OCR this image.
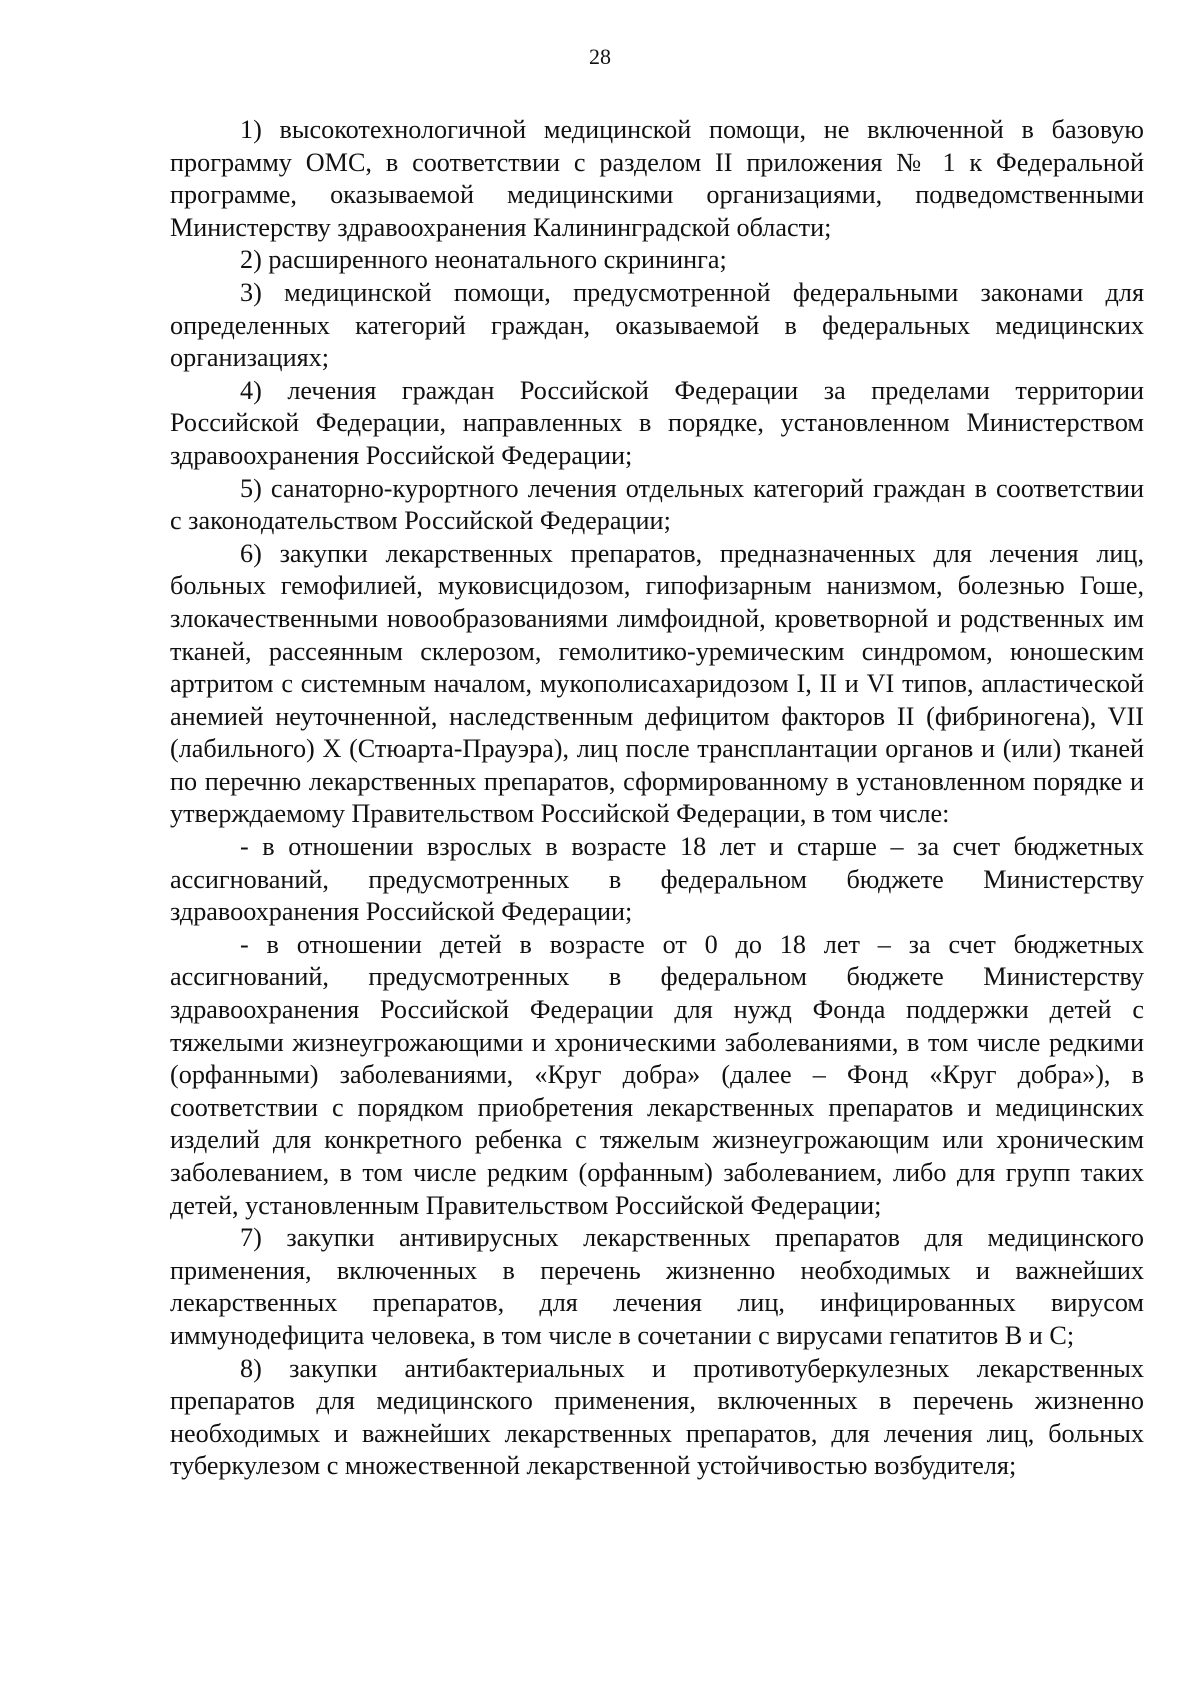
28

1) высокотехнологичной медицинской помощи, не включенной в базовую программу ОМС, в соответствии с разделом II приложения № 1 к Федеральной программе, оказываемой медицинскими организациями, подведомственными Министерству здравоохранения Калининградской области;

2) расширенного неонатального скрининга;

3) медицинской помощи, предусмотренной федеральными законами для определенных категорий граждан, оказываемой в федеральных медицинских организациях;

4) лечения граждан Российской Федерации за пределами территории Российской Федерации, направленных в порядке, установленном Министерством здравоохранения Российской Федерации;

5) санаторно-курортного лечения отдельных категорий граждан в соответствии с законодательством Российской Федерации;

6) закупки лекарственных препаратов, предназначенных для лечения лиц, больных гемофилией, муковисцидозом, гипофизарным нанизмом, болезнью Гоше, злокачественными новообразованиями лимфоидной, кроветворной и родственных им тканей, рассеянным склерозом, гемолитико-уремическим синдромом, юношеским артритом с системным началом, мукополисахаридозом I, II и VI типов, апластической анемией неуточненной, наследственным дефицитом факторов II (фибриногена), VII (лабильного) X (Стюарта-Прауэра), лиц после трансплантации органов и (или) тканей по перечню лекарственных препаратов, сформированному в установленном порядке и утверждаемому Правительством Российской Федерации, в том числе:

- в отношении взрослых в возрасте 18 лет и старше – за счет бюджетных ассигнований, предусмотренных в федеральном бюджете Министерству здравоохранения Российской Федерации;

- в отношении детей в возрасте от 0 до 18 лет – за счет бюджетных ассигнований, предусмотренных в федеральном бюджете Министерству здравоохранения Российской Федерации для нужд Фонда поддержки детей с тяжелыми жизнеугрожающими и хроническими заболеваниями, в том числе редкими (орфанными) заболеваниями, «Круг добра» (далее – Фонд «Круг добра»), в соответствии с порядком приобретения лекарственных препаратов и медицинских изделий для конкретного ребенка с тяжелым жизнеугрожающим или хроническим заболеванием, в том числе редким (орфанным) заболеванием, либо для групп таких детей, установленным Правительством Российской Федерации;

7) закупки антивирусных лекарственных препаратов для медицинского применения, включенных в перечень жизненно необходимых и важнейших лекарственных препаратов, для лечения лиц, инфицированных вирусом иммунодефицита человека, в том числе в сочетании с вирусами гепатитов B и C;

8) закупки антибактериальных и противотуберкулезных лекарственных препаратов для медицинского применения, включенных в перечень жизненно необходимых и важнейших лекарственных препаратов, для лечения лиц, больных туберкулезом с множественной лекарственной устойчивостью возбудителя;
